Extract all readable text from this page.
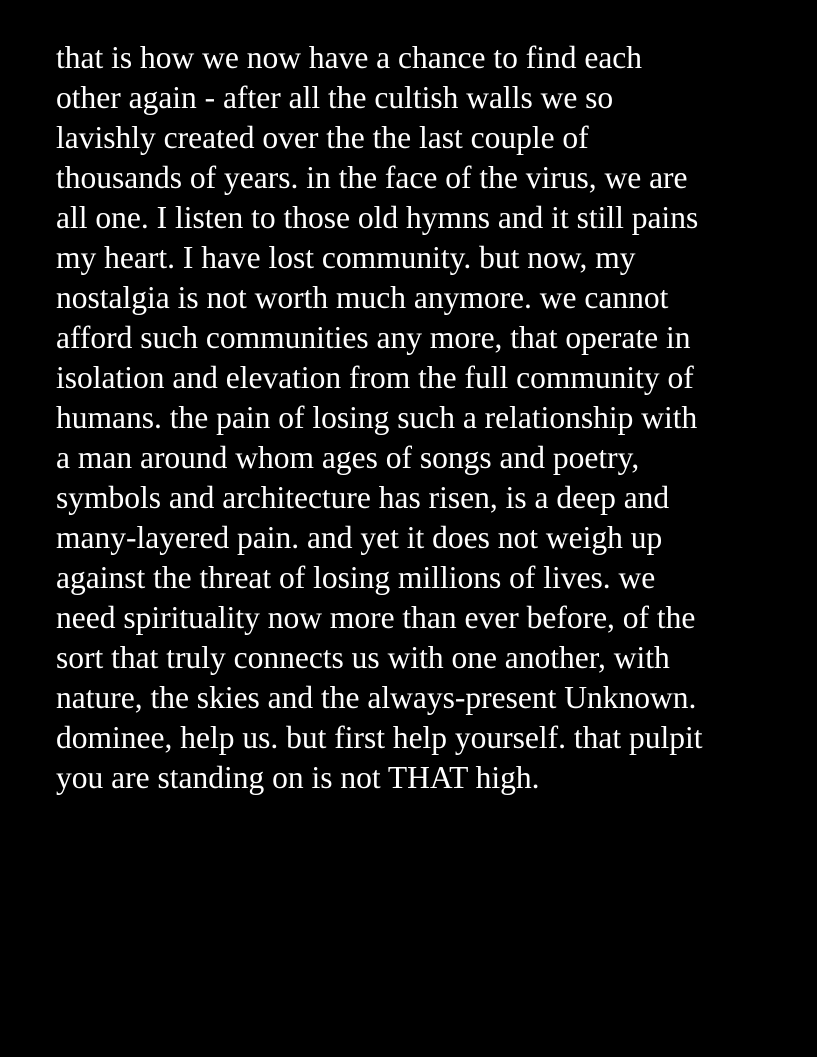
that is how we now have a chance to find each
other again - after all the cultish walls we so
lavishly created over the the last couple of
thousands of years. in the face of the virus, we are
all one. I listen to those old hymns and it still pains
my heart. I have lost community. but now, my
nostalgia is not worth much anymore. we cannot
afford such communities any more, that operate in
isolation and elevation from the full community of
humans. the pain of losing such a relationship with
a man around whom ages of songs and poetry,
symbols and architecture has risen, is a deep and
many-layered pain. and yet it does not weigh up
against the threat of losing millions of lives. we
need spirituality now more than ever before, of the
sort that truly connects us with one another, with
nature, the skies and the always-present Unknown.
dominee, help us. but first help yourself. that pulpit
you are standing on is not THAT high.
